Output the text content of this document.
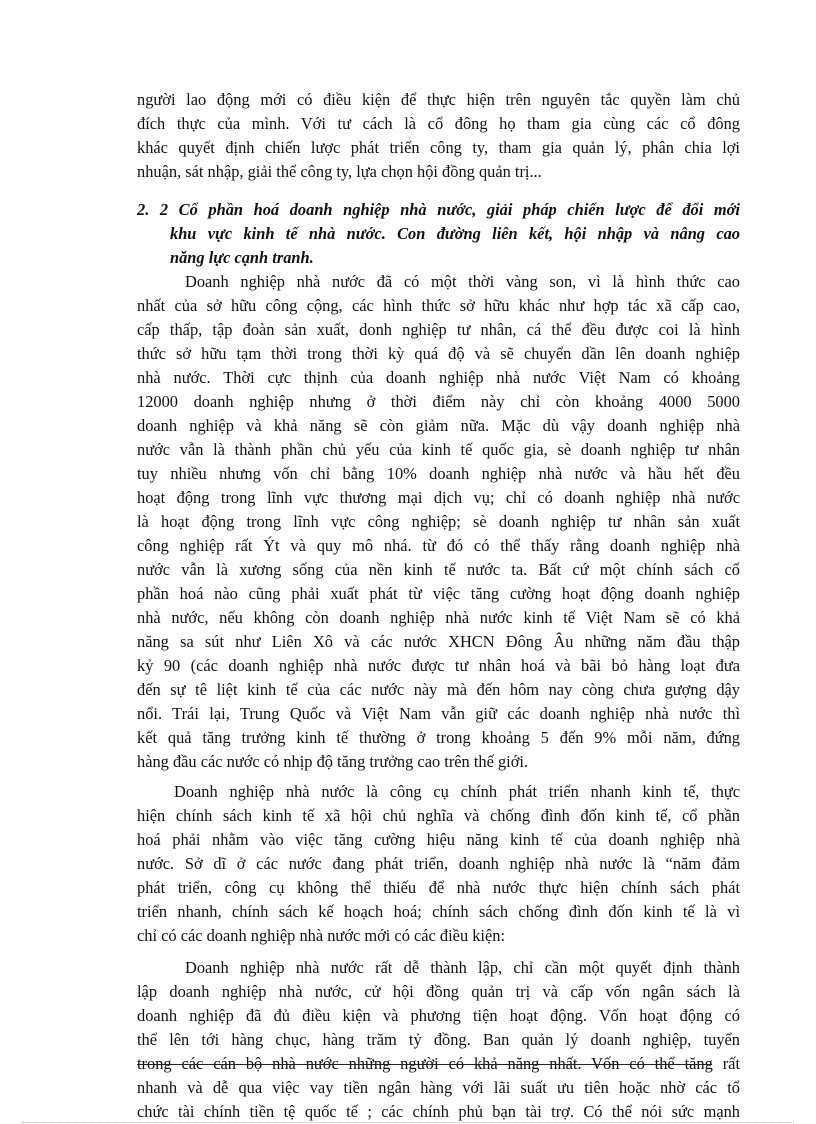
người lao động mới có điều kiện để thực hiện trên nguyên tắc quyền làm chủ
đích thực của mình. Với tư cách là cổ đông họ tham gia cùng các cổ đông
khác quyết định chiến lược phát triển công ty, tham gia quản lý, phân chia lợi
nhuận, sát nhập, giải thể công ty, lựa chọn hội đồng quản trị...
2. 2 Cổ phần hoá doanh nghiệp nhà nước, giải pháp chiến lược để đổi mới
khu vực kinh tế nhà nước. Con đường liên kết, hội nhập và nâng cao
năng lực cạnh tranh.
Doanh nghiệp nhà nước đã có một thời vàng son, vì là hình thức cao
nhất của sở hữu công cộng, các hình thức sở hữu khác như hợp tác xã cấp cao,
cấp thấp, tập đoàn sản xuất, donh nghiệp tư nhân, cá thể đều được coi là hình
thức sở hữu tạm thời trong thời kỳ quá độ và sẽ chuyển dần lên doanh nghiệp
nhà nước. Thời cực thịnh của doanh nghiệp nhà nước Việt Nam có khoảng
12000 doanh nghiệp nhưng ở thời điểm này chỉ còn khoảng 4000 5000
doanh nghiệp và khả năng sẽ còn giảm nữa. Mặc dù vậy doanh nghiệp nhà
nước vẫn là thành phần chủ yếu của kinh tế quốc gia, sè doanh nghiệp tư nhân
tuy nhiều nhưng vốn chỉ bằng 10% doanh nghiệp nhà nước và hầu hết đều
hoạt động trong lĩnh vực thương mại dịch vụ; chỉ có doanh nghiệp nhà nước
là hoạt động trong lĩnh vực công nghiệp; sè doanh nghiệp tư nhân sản xuất
công nghiệp rất Ýt và quy mô nhá. từ đó có thể thấy rằng doanh nghiệp nhà
nước vẫn là xương sống của nền kinh tế nước ta. Bất cứ một chính sách cổ
phần hoá nào cũng phải xuất phát từ việc tăng cường hoạt động doanh nghiệp
nhà nước, nếu không còn doanh nghiệp nhà nước kinh tế Việt Nam sẽ có khả
năng sa sút như Liên Xô và các nước XHCN Đông Âu những năm đầu thập
kỷ 90 (các doanh nghiệp nhà nước được tư nhân hoá và bãi bỏ hàng loạt đưa
đến sự tê liệt kinh tế của các nước này mà đến hôm nay còng chưa gượng dậy
nổi. Trái lại, Trung Quốc và Việt Nam vẫn giữ các doanh nghiệp nhà nước thì
kết quả tăng trưởng kinh tế thường ở trong khoảng 5 đến 9% mỗi năm, đứng
hàng đầu các nước có nhịp độ tăng trưởng cao trên thế giới.
Doanh nghiệp nhà nước là công cụ chính phát triển nhanh kinh tế, thực
hiện chính sách kinh tế xã hội chủ nghĩa và chống đình đốn kinh tế, cổ phần
hoá phải nhằm vào việc tăng cường hiệu năng kinh tế của doanh nghiệp nhà
nước. Sở dĩ ở các nước đang phát triển, doanh nghiệp nhà nước là “năm đảm
phát triển, công cụ không thể thiếu để nhà nước thực hiện chính sách phát
triển nhanh, chính sách kế hoạch hoá; chính sách chống đình đốn kinh tế là vì
chỉ có các doanh nghiệp nhà nước mới có các điều kiện:
Doanh nghiệp nhà nước rất dễ thành lập, chỉ cần một quyết định thành
lập doanh nghiệp nhà nước, cử hội đồng quản trị và cấp vốn ngân sách là
doanh nghiệp đã đủ điều kiện và phương tiện hoạt động. Vốn hoạt động có
thể lên tới hàng chục, hàng trăm tỷ đồng. Ban quản lý doanh nghiệp, tuyển
trong các cán bộ nhà nước những người có khả năng nhất. Vốn có thể tăng rất
nhanh và dễ qua việc vay tiền ngân hàng với lãi suất ưu tiên hoặc nhờ các tổ
chức tài chính tiền tệ quốc tế ; các chính phủ bạn tài trợ. Có thể nói sức mạnh
